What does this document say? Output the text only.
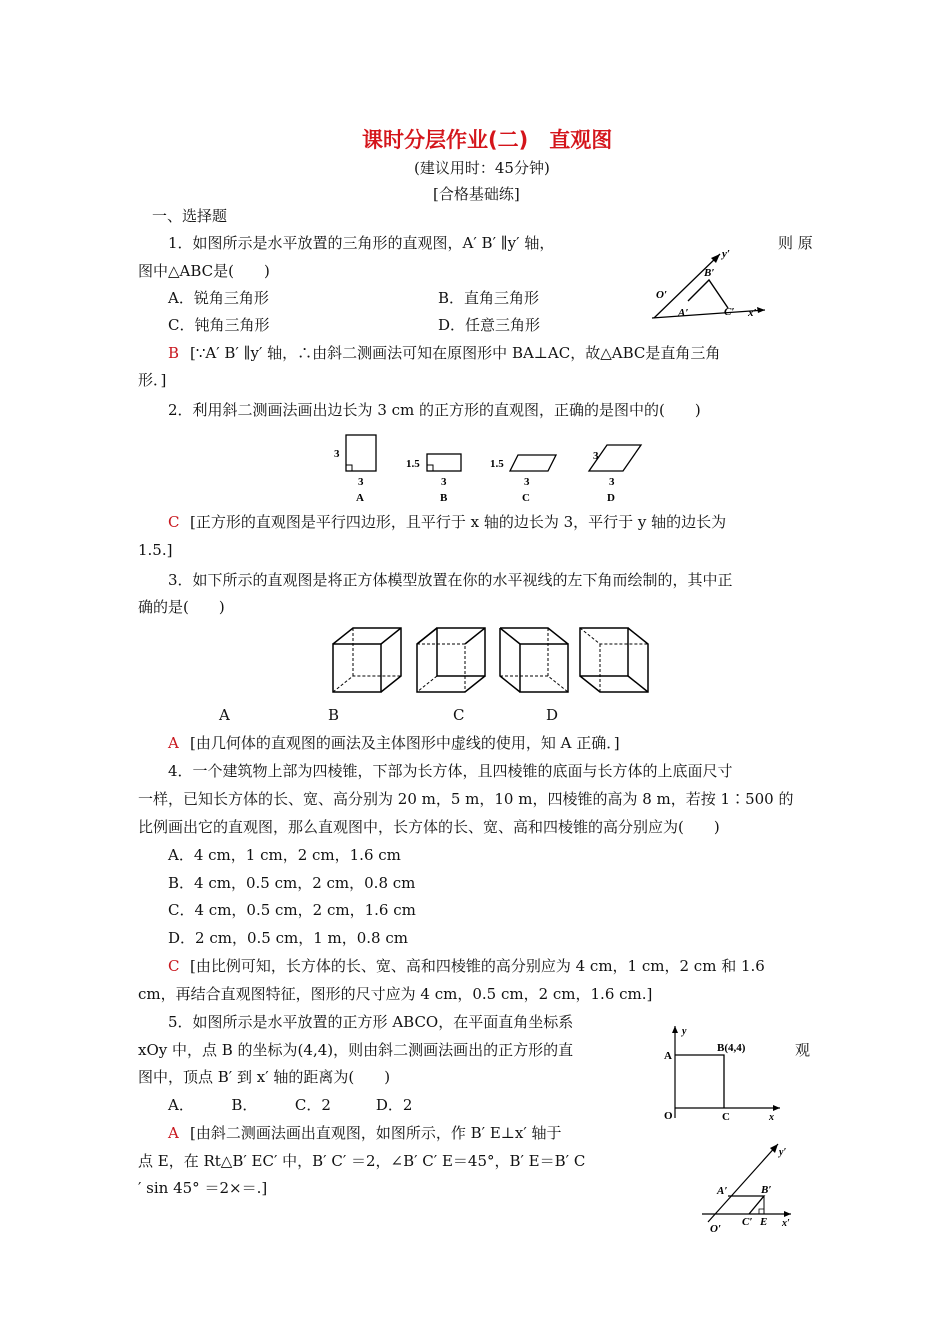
课时分层作业(二)　直观图
(建议用时：45分钟)
[合格基础练]
一、选择题
1．如图所示是水平放置的三角形的直观图，A′ B′ ∥y′ 轴，	则 原
图中△ABC是(　　)
A．锐角三角形	B．直角三角形
C．钝角三角形	D．任意三角形
B [∵A′ B′ ∥y′ 轴，∴由斜二测画法可知在原图形中 BA⊥AC，故△ABC是直角三角
形．]
y′
B′
O′
A′	C′ x′
2．利用斜二测画法画出边长为 3 cm 的正方形的直观图，正确的是图中的(　　)
3
3
A
1.5
3
B
1.5
3
C
3
3
D
C [正方形的直观图是平行四边形，且平行于 x 轴的边长为 3，平行于 y 轴的边长为
1.5.]
3．如下所示的直观图是将正方体模型放置在你的水平视线的左下角而绘制的，其中正
确的是(　　)
A	B	C	D
A [由几何体的直观图的画法及主体图形中虚线的使用，知 A 正确．]
4．一个建筑物上部为四棱锥，下部为长方体，且四棱锥的底面与长方体的上底面尺寸
一样，已知长方体的长、宽、高分别为 20 m，5 m，10 m，四棱锥的高为 8 m，若按 1∶500 的
比例画出它的直观图，那么直观图中，长方体的长、宽、高和四棱锥的高分别应为(　　)
A．4 cm，1 cm，2 cm，1.6 cm
B．4 cm，0.5 cm，2 cm，0.8 cm
C．4 cm，0.5 cm，2 cm，1.6 cm
D．2 cm，0.5 cm，1 m，0.8 cm
C [由比例可知，长方体的长、宽、高和四棱锥的高分别应为 4 cm，1 cm，2 cm 和 1.6
cm，再结合直观图特征，图形的尺寸应为 4 cm，0.5 cm，2 cm，1.6 cm.]
5．如图所示是水平放置的正方形 ABCO，在平面直角坐标系
xOy 中，点 B 的坐标为(4,4)，则由斜二测画法画出的正方形的直	观
图中，顶点 B′ 到 x′ 轴的距离为(　　)
A．　　　B．　　　C．2　　　D．2
A [由斜二测画法画出直观图，如图所示，作 B′ E⊥x′ 轴于
点 E，在 Rt△B′ EC′ 中，B′ C′ ＝2，∠B′ C′ E＝45°，B′ E＝B′ C
′ sin 45° ＝2×＝.]
y
A
B(4,4)
O	C	x
y′
A′	B′
O′
C′ E x′
